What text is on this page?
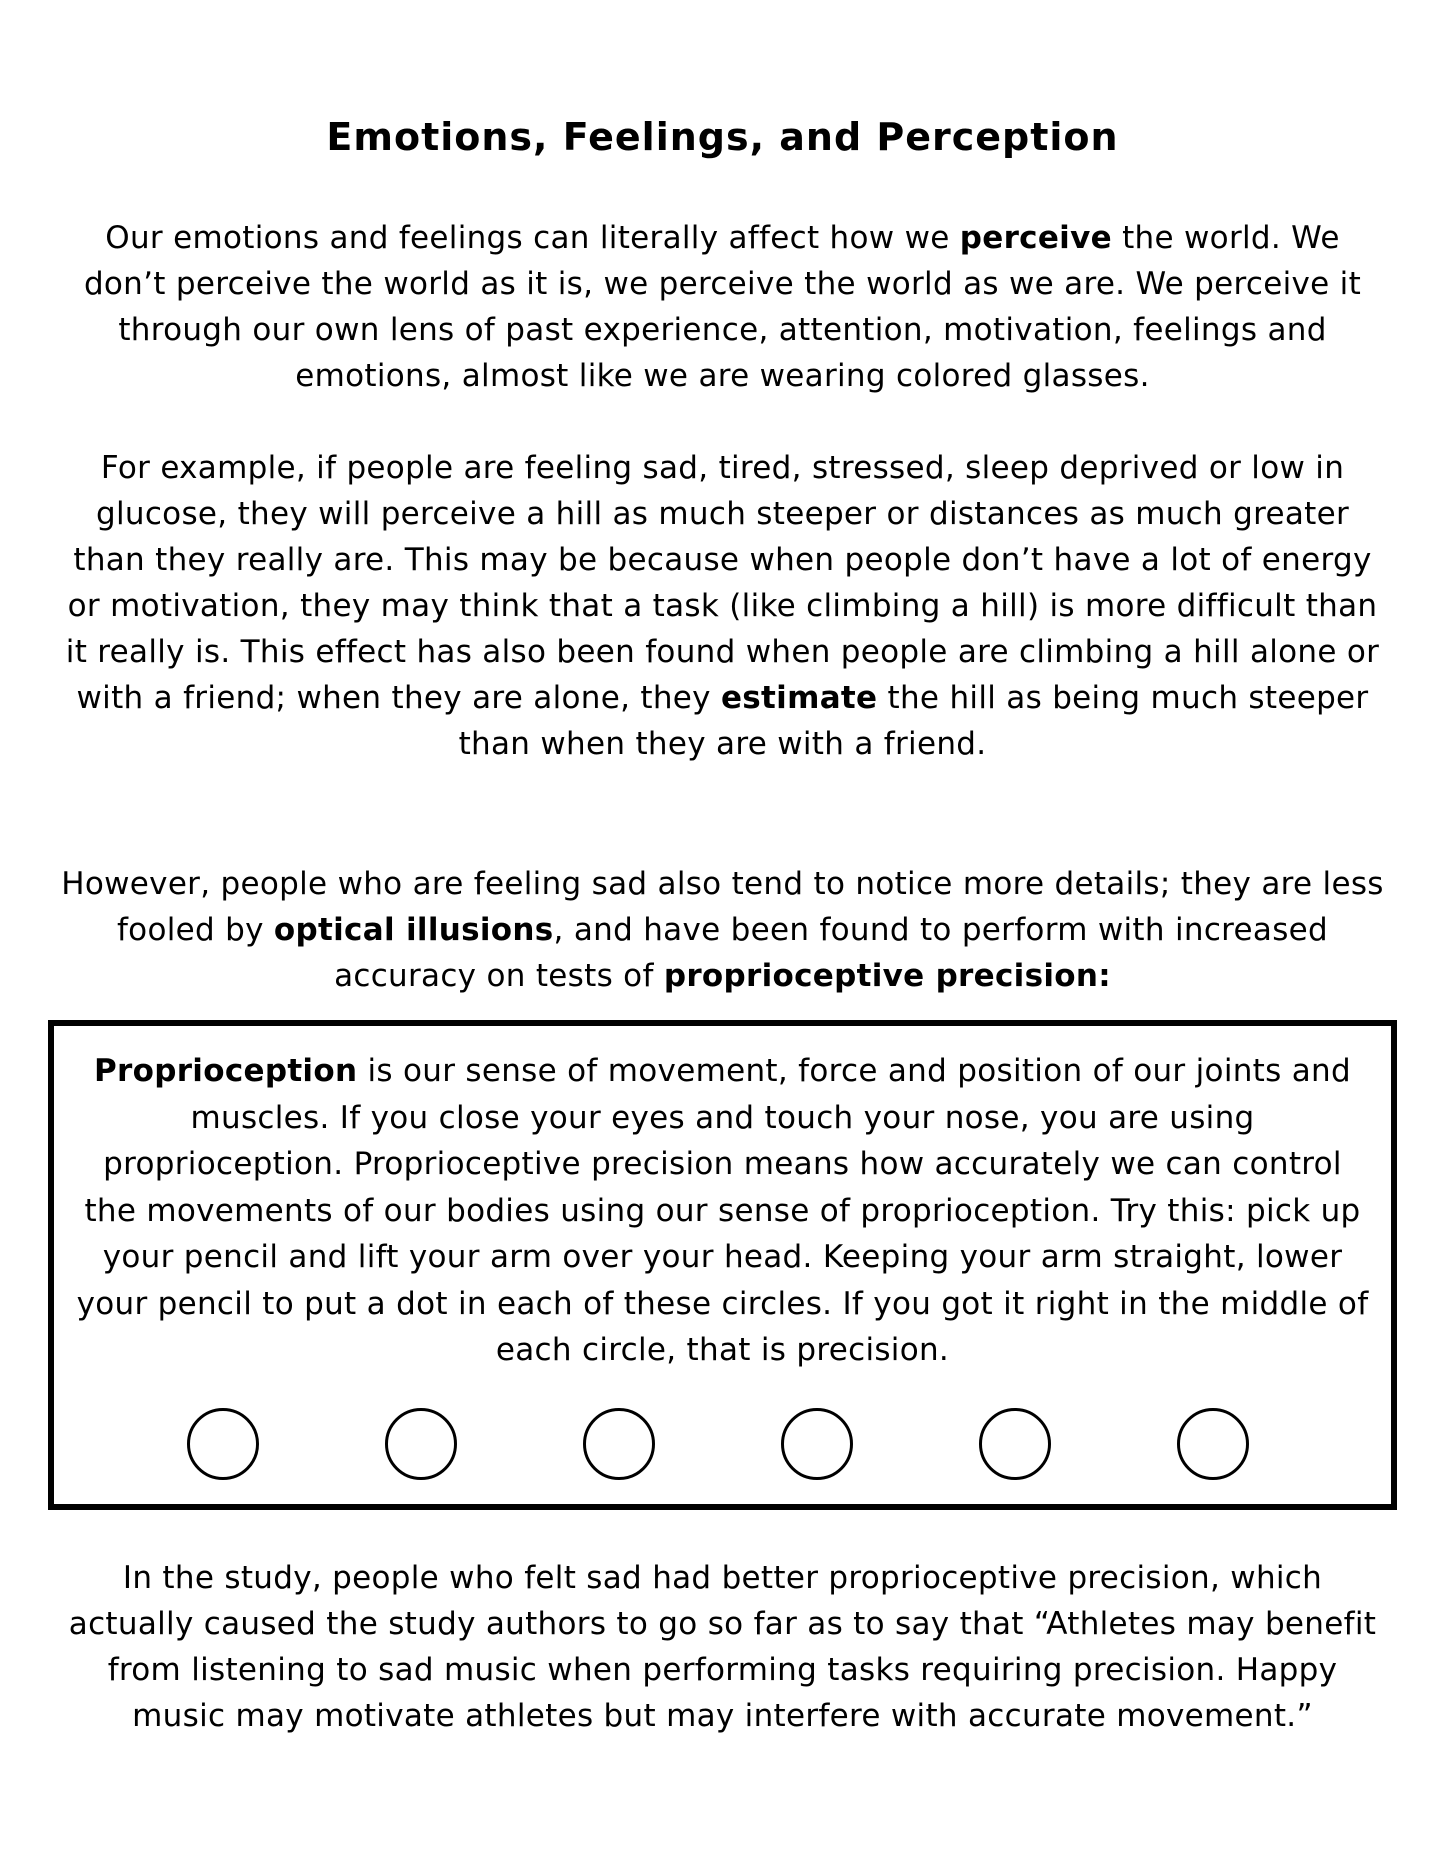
Emotions, Feelings, and Perception

Our emotions and feelings can literally affect how we perceive the world. We don’t perceive the world as it is, we perceive the world as we are. We perceive it through our own lens of past experience, attention, motivation, feelings and emotions, almost like we are wearing colored glasses.

For example, if people are feeling sad, tired, stressed, sleep deprived or low in glucose, they will perceive a hill as much steeper or distances as much greater than they really are. This may be because when people don’t have a lot of energy or motivation, they may think that a task (like climbing a hill) is more difficult than it really is. This effect has also been found when people are climbing a hill alone or with a friend; when they are alone, they estimate the hill as being much steeper than when they are with a friend.

However, people who are feeling sad also tend to notice more details; they are less fooled by optical illusions, and have been found to perform with increased accuracy on tests of proprioceptive precision:

Proprioception is our sense of movement, force and position of our joints and muscles. If you close your eyes and touch your nose, you are using proprioception. Proprioceptive precision means how accurately we can control the movements of our bodies using our sense of proprioception. Try this: pick up your pencil and lift your arm over your head. Keeping your arm straight, lower your pencil to put a dot in each of these circles. If you got it right in the middle of each circle, that is precision.

In the study, people who felt sad had better proprioceptive precision, which actually caused the study authors to go so far as to say that “Athletes may benefit from listening to sad music when performing tasks requiring precision. Happy music may motivate athletes but may interfere with accurate movement.”
